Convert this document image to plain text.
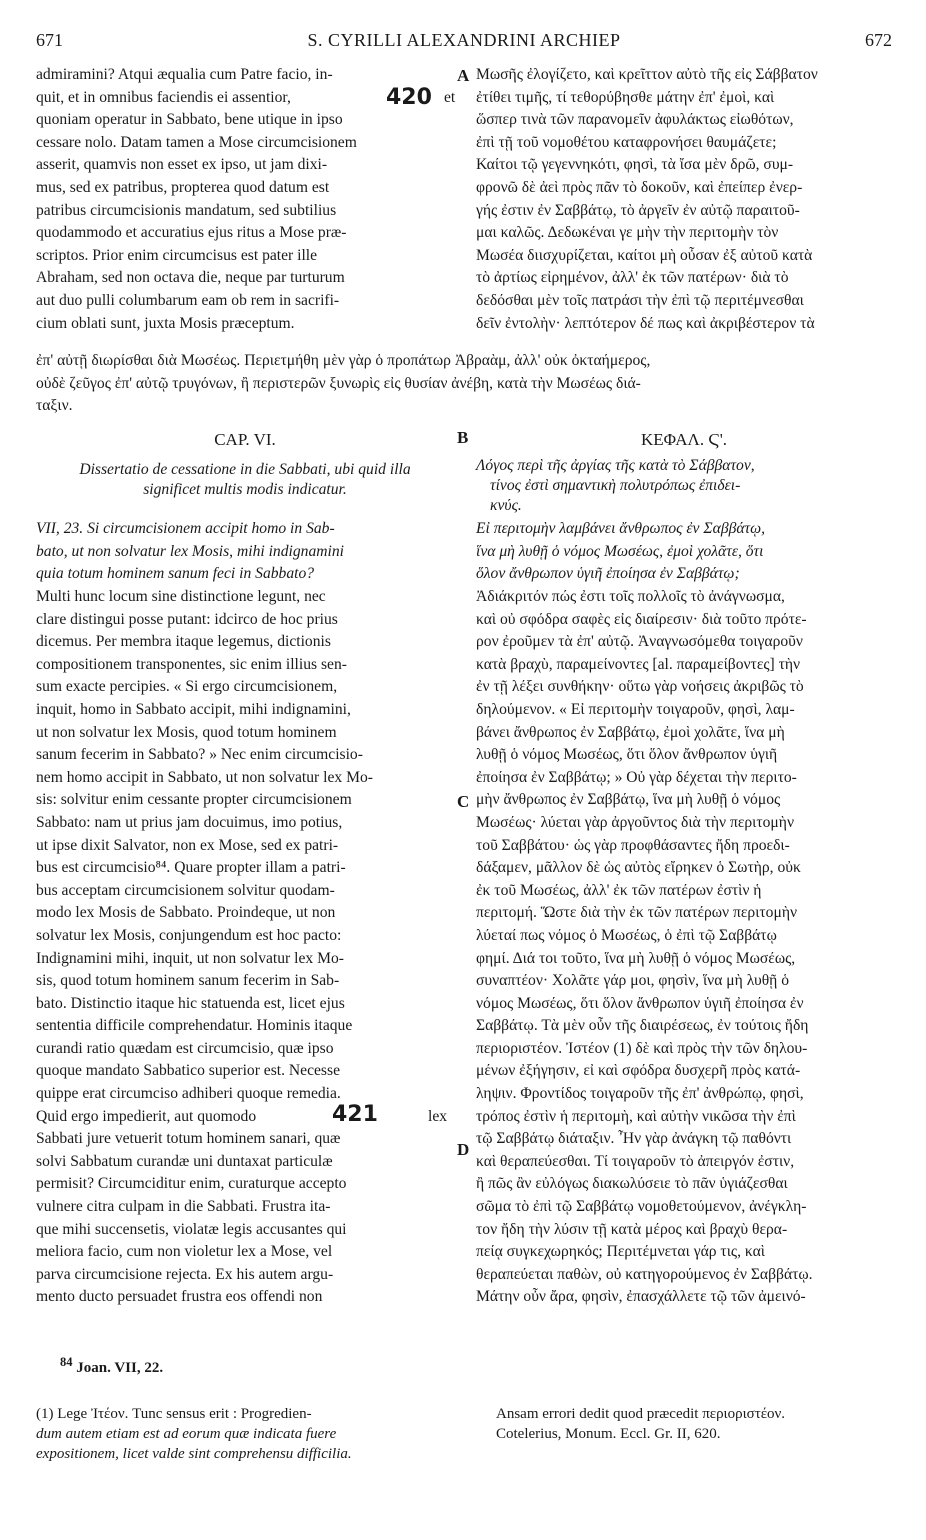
671	S. CYRILLI ALEXANDRINI ARCHIEP	672

admiramini? Atqui æqualia cum Patre facio, in-

quit, et in omnibus faciendis ei assentior,	420 et

quoniam operatur in Sabbato, bene utique in ipso

cessare nolo. Datam tamen a Mose circumcisionem

asserit, quamvis non esset ex ipso, ut jam dixi-

mus, sed ex patribus, propterea quod datum est

patribus circumcisionis mandatum, sed subtilius

quodammodo et accuratius ejus ritus a Mose præ-

scriptos. Prior enim circumcisus est pater ille

Abraham, sed non octava die, neque par turturum

aut duo pulli columbarum eam ob rem in sacrifi-

cium oblati sunt, juxta Mosis præceptum.

A Μωσῆς ἐλογίζετο, καὶ κρεῖττον αὐτὸ τῆς εἰς Σάββατον

ἐτίθει τιμῆς, τί τεθορύβησθε μάτην ἐπ' ἐμοὶ, καὶ

ὥσπερ τινὰ τῶν παρανομεῖν ἀφυλάκτως εἰωθότων,

ἐπὶ τῇ τοῦ νομοθέτου καταφρονήσει θαυμάζετε;

Καίτοι τῷ γεγεννηκότι, φησὶ, τὰ ἴσα μὲν δρῶ, συμ-

φρονῶ δὲ ἀεὶ πρὸς πᾶν τὸ δοκοῦν, καὶ ἐπείπερ ἐνερ-

γής ἐστιν ἐν Σαββάτῳ, τὸ ἀργεῖν ἐν αὐτῷ παραιτοῦ-

μαι καλῶς. Δεδωκέναι γε μὴν τὴν περιτομὴν τὸν

Μωσέα διισχυρίζεται, καίτοι μὴ οὖσαν ἐξ αὐτοῦ κατὰ

τὸ ἀρτίως εἰρημένον, ἀλλ' ἐκ τῶν πατέρων· διὰ τὸ

δεδόσθαι μὲν τοῖς πατράσι τὴν ἐπὶ τῷ περιτέμνεσθαι

δεῖν ἐντολὴν· λεπτότερον δέ πως καὶ ἀκριβέστερον τὰ

ἐπ' αὐτῇ διωρίσθαι διὰ Μωσέως. Περιετμήθη μὲν γὰρ ὁ προπάτωρ Ἀβραὰμ, ἀλλ' οὐκ ὀκταήμερος,

οὐδὲ ζεῦγος ἐπ' αὐτῷ τρυγόνων, ἢ περιστερῶν ξυνωρὶς εἰς θυσίαν ἀνέβη, κατὰ τὴν Μωσέως διά-

ταξιν.

CAP. VI.	B	ΚΕΦΑΛ. Ϛ'.

Dissertatio de cessatione in die Sabbati, ubi quid illa

significet multis modis indicatur.

Λόγος περὶ τῆς ἀργίας τῆς κατὰ τὸ Σάββατον,

τίνος ἐστὶ σημαντικὴ πολυτρόπως ἐπιδει-

κνύς.

VII, 23. Si circumcisionem accipit homo in Sab-

bato, ut non solvatur lex Mosis, mihi indignamini

quia totum hominem sanum feci in Sabbato?

Εἰ περιτομὴν λαμβάνει ἄνθρωπος ἐν Σαββάτῳ,

ἵνα μὴ λυθῇ ὁ νόμος Μωσέως, ἐμοὶ χολᾶτε, ὅτι

ὅλον ἄνθρωπον ὑγιῆ ἐποίησα ἐν Σαββάτῳ;

Multi hunc locum sine distinctione legunt, nec

clare distingui posse putant: idcirco de hoc prius

dicemus. Per membra itaque legemus, dictionis

compositionem transponentes, sic enim illius sen-

sum exacte percipies. « Si ergo circumcisionem,

inquit, homo in Sabbato accipit, mihi indignamini,

ut non solvatur lex Mosis, quod totum hominem

sanum fecerim in Sabbato? » Nec enim circumcisio-

nem homo accipit in Sabbato, ut non solvatur lex Mo-

sis: solvitur enim cessante propter circumcisionem

Sabbato: nam ut prius jam docuimus, imo potius,

ut ipse dixit Salvator, non ex Mose, sed ex patri-

bus est circumcisio⁸⁴. Quare propter illam a patri-

bus acceptam circumcisionem solvitur quodam-

modo lex Mosis de Sabbato. Proindeque, ut non

solvatur lex Mosis, conjungendum est hoc pacto:

Indignamini mihi, inquit, ut non solvatur lex Mo-

sis, quod totum hominem sanum fecerim in Sab-

bato. Distinctio itaque hic statuenda est, licet ejus

sententia difficile comprehendatur. Hominis itaque

curandi ratio quædam est circumcisio, quæ ipso

quoque mandato Sabbatico superior est. Necesse

quippe erat circumciso adhiberi quoque remedia.

Quid ergo impedierit, aut quomodo	421	lex

Sabbati jure vetuerit totum hominem sanari, quæ

solvi Sabbatum curandæ uni duntaxat particulæ

permisit? Circumciditur enim, curaturque accepto

vulnere citra culpam in die Sabbati. Frustra ita-

que mihi succensetis, violatæ legis accusantes qui

meliora facio, cum non violetur lex a Mose, vel

parva circumcisione rejecta. Ex his autem argu-

mento ducto persuadet frustra eos offendi non

C
D

Ἀδιάκριτόν πώς ἐστι τοῖς πολλοῖς τὸ ἀνάγνωσμα,

καὶ οὐ σφόδρα σαφὲς εἰς διαίρεσιν· διὰ τοῦτο πρότε-

ρον ἐροῦμεν τὰ ἐπ' αὐτῷ. Ἀναγνωσόμεθα τοιγαροῦν

κατὰ βραχὺ, παραμείνοντες [al. παραμείβοντες] τὴν

ἐν τῇ λέξει συνθήκην· οὕτω γὰρ νοήσεις ἀκριβῶς τὸ

δηλούμενον. « Εἰ περιτομὴν τοιγαροῦν, φησὶ, λαμ-

βάνει ἄνθρωπος ἐν Σαββάτῳ, ἐμοὶ χολᾶτε, ἵνα μὴ

λυθῇ ὁ νόμος Μωσέως, ὅτι ὅλον ἄνθρωπον ὑγιῆ

ἐποίησα ἐν Σαββάτῳ; » Οὐ γὰρ δέχεται τὴν περιτο-

μὴν ἄνθρωπος ἐν Σαββάτῳ, ἵνα μὴ λυθῇ ὁ νόμος

Μωσέως· λύεται γὰρ ἀργοῦντος διὰ τὴν περιτομὴν

τοῦ Σαββάτου· ὡς γὰρ προφθάσαντες ἤδη προεδι-

δάξαμεν, μᾶλλον δὲ ὡς αὐτὸς εἴρηκεν ὁ Σωτὴρ, οὐκ

ἐκ τοῦ Μωσέως, ἀλλ' ἐκ τῶν πατέρων ἐστὶν ἡ

περιτομή. Ὥστε διὰ τὴν ἐκ τῶν πατέρων περιτομὴν

λύεταί πως νόμος ὁ Μωσέως, ὁ ἐπὶ τῷ Σαββάτῳ

φημί. Διά τοι τοῦτο, ἵνα μὴ λυθῇ ὁ νόμος Μωσέως,

συναπτέον· Χολᾶτε γάρ μοι, φησὶν, ἵνα μὴ λυθῇ ὁ

νόμος Μωσέως, ὅτι ὅλον ἄνθρωπον ὑγιῆ ἐποίησα ἐν

Σαββάτῳ. Τὰ μὲν οὖν τῆς διαιρέσεως, ἐν τούτοις ἤδη

περιοριστέον. Ἰστέον (1) δὲ καὶ πρὸς τὴν τῶν δηλου-

μένων ἐξήγησιν, εἰ καὶ σφόδρα δυσχερῆ πρὸς κατά-

ληψιν. Φροντίδος τοιγαροῦν τῆς ἐπ' ἀνθρώπῳ, φησὶ,

τρόπος ἐστὶν ἡ περιτομὴ, καὶ αὐτὴν νικῶσα τὴν ἐπὶ

τῷ Σαββάτῳ διάταξιν. Ἦν γὰρ ἀνάγκη τῷ παθόντι

καὶ θεραπεύεσθαι. Τί τοιγαροῦν τὸ ἀπειργόν ἐστιν,

ἢ πῶς ἂν εὐλόγως διακωλύσειε τὸ πᾶν ὑγιάζεσθαι

σῶμα τὸ ἐπὶ τῷ Σαββάτῳ νομοθετούμενον, ἀνέγκλη-

τον ἤδη τὴν λύσιν τῇ κατὰ μέρος καὶ βραχὺ θερα-

πείᾳ συγκεχωρηκός; Περιτέμνεται γάρ τις, καὶ

θεραπεύεται παθὼν, οὐ κατηγορούμενος ἐν Σαββάτῳ.

Μάτην οὖν ἄρα, φησὶν, ἐπασχάλλετε τῷ τῶν ἀμεινό-

$^{84}$ Joan. VII, 22.
(1) Lege Ἰτέον. Tunc sensus erit : Progredien-
dum autem etiam est ad eorum quæ indicata fuere
expositionem, licet valde sint comprehensu difficilia.
Ansam errori dedit quod præcedit περιοριστέον.
Cotelerius, Monum. Eccl. Gr. II, 620.
